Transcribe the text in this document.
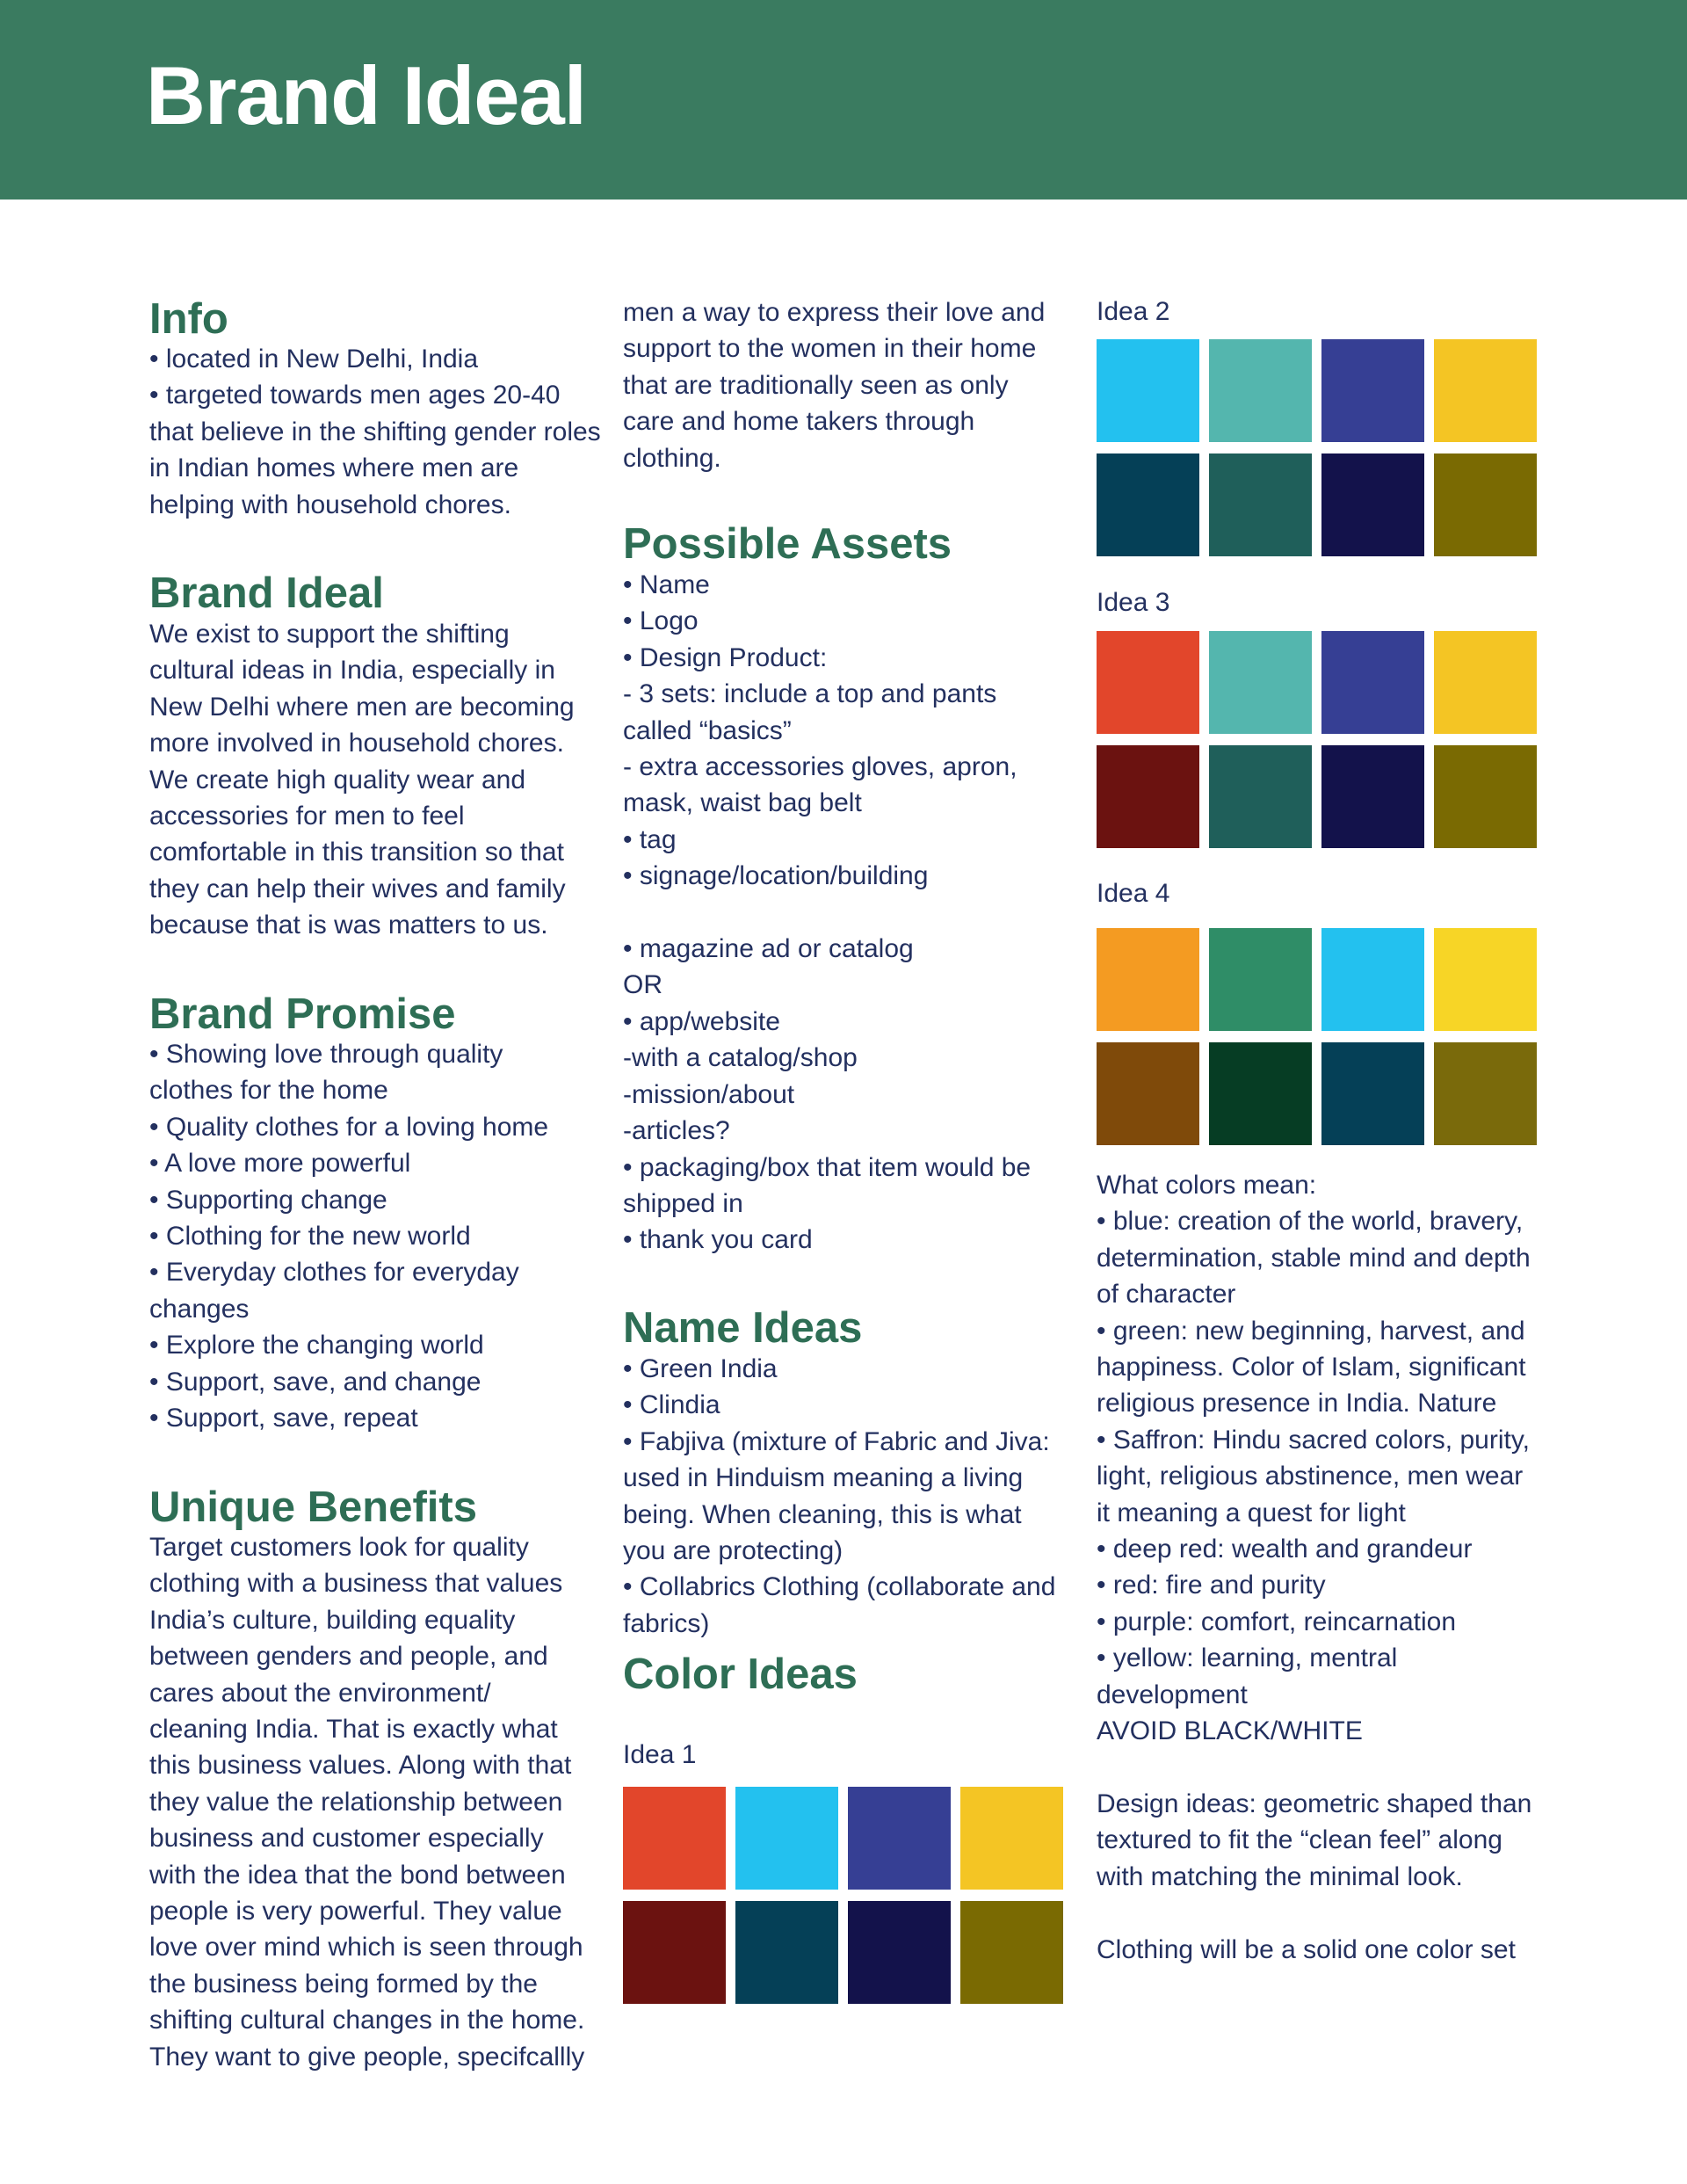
Brand Ideal
Info

• located in New Delhi, India
• targeted towards men ages 20-40 that believe in the shifting gender roles in Indian homes where men are helping with household chores.

Brand Ideal

We exist to support the shifting cultural ideas in India, especially in New Delhi where men are becoming more involved in household chores. We create high quality wear and accessories for men to feel comfortable in this transition so that they can help their wives and family because that is was matters to us.

Brand Promise

• Showing love through quality clothes for the home
• Quality clothes for a loving home
• A love more powerful
• Supporting change
• Clothing for the new world
• Everyday clothes for everyday changes
• Explore the changing world
• Support, save, and change
• Support, save, repeat

Unique Benefits

Target customers look for quality clothing with a business that values India’s culture, building equality between genders and people, and cares about the environment/ cleaning India. That is exactly what this business values. Along with that they value the relationship between business and customer especially with the idea that the bond between people is very powerful. They value love over mind which is seen through the business being formed by the shifting cultural changes in the home. They want to give people, specifcallly

men a way to express their love and support to the women in their home that are traditionally seen as only care and home takers through clothing.

Possible Assets

• Name
• Logo
• Design Product:
- 3 sets: include a top and pants called “basics”
- extra accessories gloves, apron, mask, waist bag belt
• tag
• signage/location/building

• magazine ad or catalog
OR
• app/website
-with a catalog/shop
-mission/about
-articles?
• packaging/box that item would be shipped in
• thank you card

Name Ideas

• Green India
• Clindia
• Fabjiva (mixture of Fabric and Jiva: used in Hinduism meaning a living being. When cleaning, this is what you are protecting)
• Collabrics Clothing (collaborate and fabrics)

Color Ideas

Idea 1

Idea 2

Idea 3

Idea 4

What colors mean:
• blue: creation of the world, bravery, determination, stable mind and depth of character
• green: new beginning, harvest, and happiness. Color of Islam, significant religious presence in India. Nature
• Saffron: Hindu sacred colors, purity, light, religious abstinence, men wear it meaning a quest for light
• deep red: wealth and grandeur
• red: fire and purity
• purple: comfort, reincarnation
• yellow: learning, mentral development
AVOID BLACK/WHITE

Design ideas: geometric shaped than textured to fit the “clean feel” along with matching the minimal look.

Clothing will be a solid one color set
